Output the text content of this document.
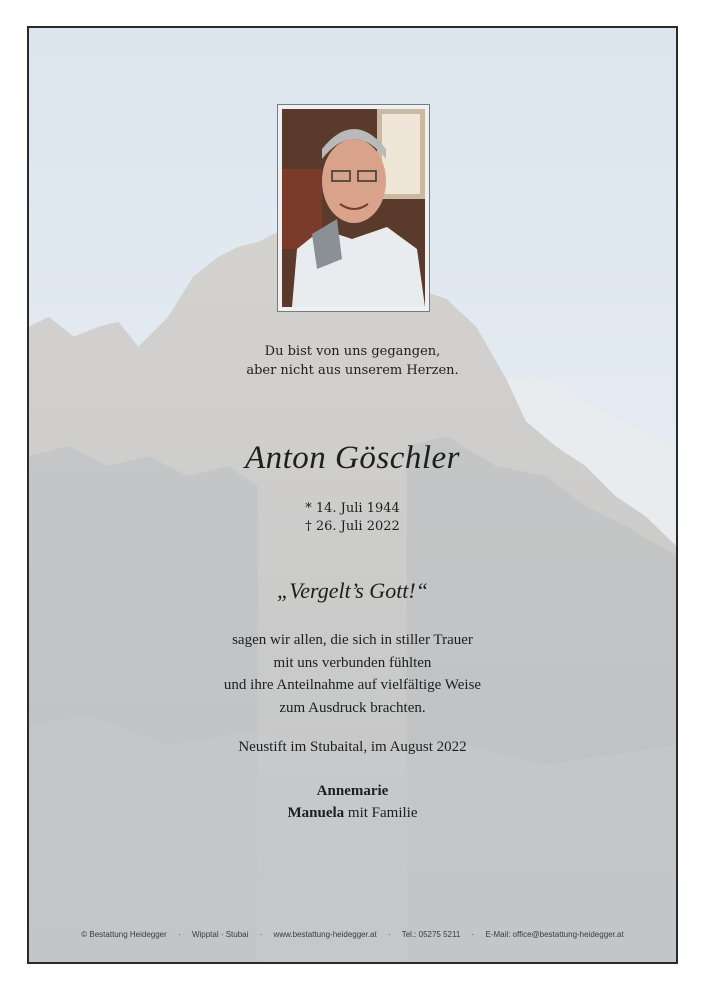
Du bist von uns gegangen,
aber nicht aus unserem Herzen.
Anton Göschler
* 14. Juli 1944
† 26. Juli 2022
„Vergelt’s Gott!“
sagen wir allen, die sich in stiller Trauer
mit uns verbunden fühlten
und ihre Anteilnahme auf vielfältige Weise
zum Ausdruck brachten.
Neustift im Stubaital, im August 2022
Annemarie
Manuela mit Familie
© Bestattung Heidegger · Wipptal · Stubai · www.bestattung-heidegger.at · Tel.: 05275 5211 · E-Mail: office@bestattung-heidegger.at
